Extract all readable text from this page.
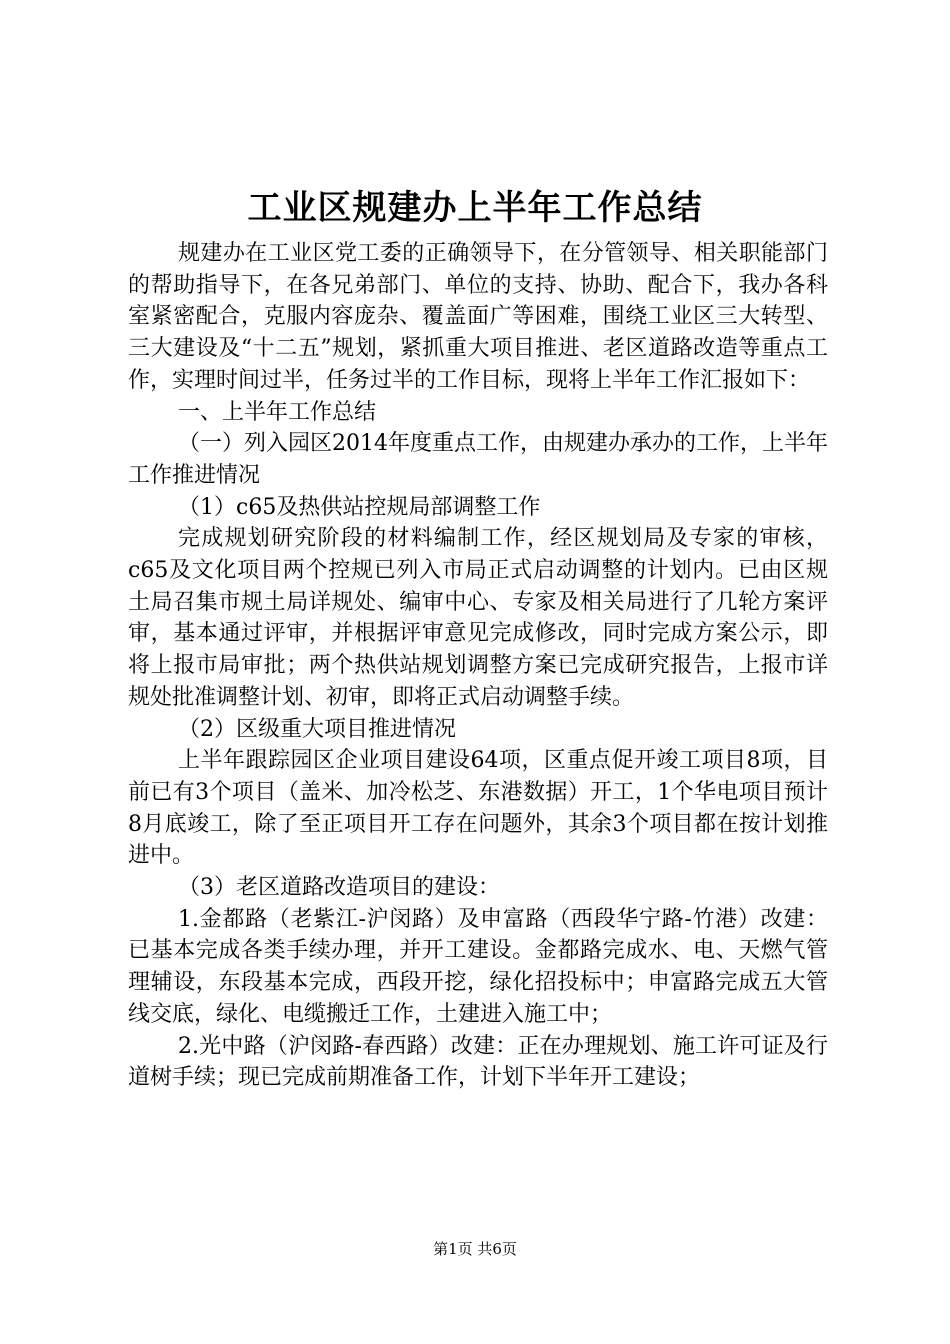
工业区规建办上半年工作总结

规建办在工业区党工委的正确领导下，在分管领导、相关职能部门的帮助指导下，在各兄弟部门、单位的支持、协助、配合下，我办各科室紧密配合，克服内容庞杂、覆盖面广等困难，围绕工业区三大转型、三大建设及“十二五”规划，紧抓重大项目推进、老区道路改造等重点工作，实理时间过半，任务过半的工作目标，现将上半年工作汇报如下：

一、上半年工作总结

（一）列入园区2014年度重点工作，由规建办承办的工作，上半年工作推进情况

（1）c65及热供站控规局部调整工作

完成规划研究阶段的材料编制工作，经区规划局及专家的审核，c65及文化项目两个控规已列入市局正式启动调整的计划内。已由区规土局召集市规土局详规处、编审中心、专家及相关局进行了几轮方案评审，基本通过评审，并根据评审意见完成修改，同时完成方案公示，即将上报市局审批；两个热供站规划调整方案已完成研究报告，上报市详规处批准调整计划、初审，即将正式启动调整手续。

（2）区级重大项目推进情况

上半年跟踪园区企业项目建设64项，区重点促开竣工项目8项，目前已有3个项目（盖米、加冷松芝、东港数据）开工，1个华电项目预计8月底竣工，除了至正项目开工存在问题外，其余3个项目都在按计划推进中。

（3）老区道路改造项目的建设：

1.金都路（老紫江-沪闵路）及申富路（西段华宁路-竹港）改建：已基本完成各类手续办理，并开工建设。金都路完成水、电、天燃气管理辅设，东段基本完成，西段开挖，绿化招投标中；申富路完成五大管线交底，绿化、电缆搬迁工作，土建进入施工中；

2.光中路（沪闵路-春西路）改建：正在办理规划、施工许可证及行道树手续；现已完成前期准备工作，计划下半年开工建设；

第1页 共6页
